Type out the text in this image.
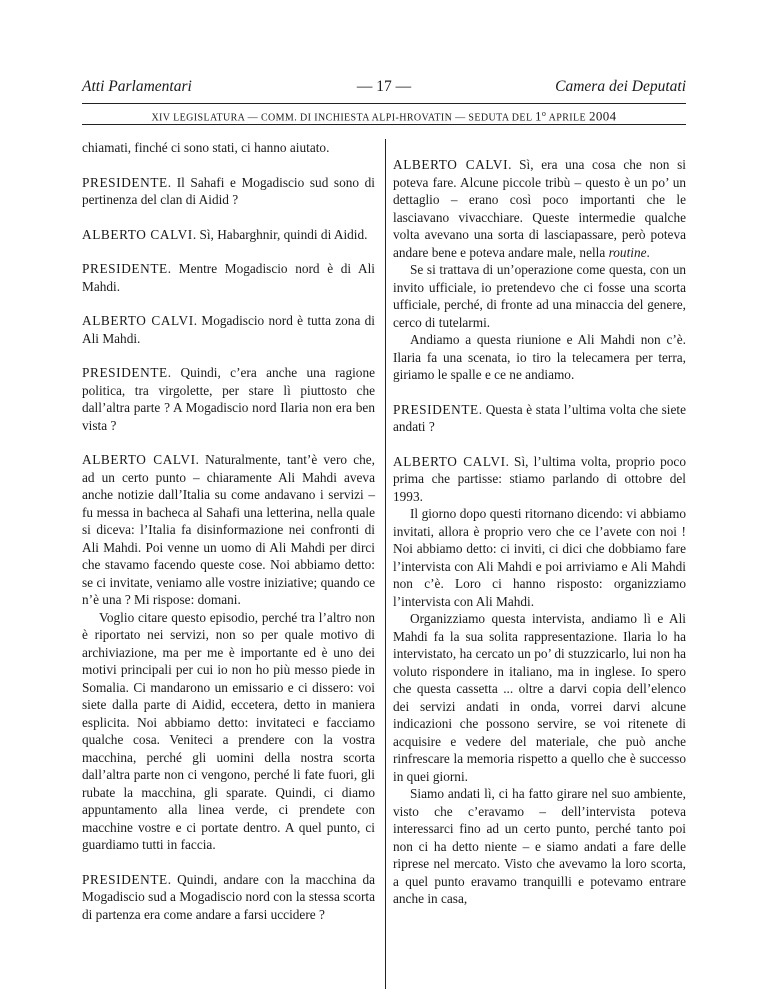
Atti Parlamentari	— 17 —	Camera dei Deputati
XIV LEGISLATURA — COMM. DI INCHIESTA ALPI-HROVATIN — SEDUTA DEL 1$^o$ APRILE 2004

chiamati, finché ci sono stati, ci hanno aiutato.

PRESIDENTE. Il Sahafi e Mogadiscio sud sono di pertinenza del clan di Aidid ?

ALBERTO CALVI. Sì, Habarghnir, quindi di Aidid.

PRESIDENTE. Mentre Mogadiscio nord è di Ali Mahdi.

ALBERTO CALVI. Mogadiscio nord è tutta zona di Ali Mahdi.

PRESIDENTE. Quindi, c’era anche una ragione politica, tra virgolette, per stare lì piuttosto che dall’altra parte ? A Mogadiscio nord Ilaria non era ben vista ?

ALBERTO CALVI. Naturalmente, tant’è vero che, ad un certo punto – chiaramente Ali Mahdi aveva anche notizie dall’Italia su come andavano i servizi – fu messa in bacheca al Sahafi una letterina, nella quale si diceva: l’Italia fa disinformazione nei confronti di Ali Mahdi. Poi venne un uomo di Ali Mahdi per dirci che stavamo facendo queste cose. Noi abbiamo detto: se ci invitate, veniamo alle vostre iniziative; quando ce n’è una ? Mi rispose: domani.

Voglio citare questo episodio, perché tra l’altro non è riportato nei servizi, non so per quale motivo di archiviazione, ma per me è importante ed è uno dei motivi principali per cui io non ho più messo piede in Somalia. Ci mandarono un emissario e ci dissero: voi siete dalla parte di Aidid, eccetera, detto in maniera esplicita. Noi abbiamo detto: invitateci e facciamo qualche cosa. Veniteci a prendere con la vostra macchina, perché gli uomini della nostra scorta dall’altra parte non ci vengono, perché li fate fuori, gli rubate la macchina, gli sparate. Quindi, ci diamo appuntamento alla linea verde, ci prendete con macchine vostre e ci portate dentro. A quel punto, ci guardiamo tutti in faccia.

PRESIDENTE. Quindi, andare con la macchina da Mogadiscio sud a Mogadiscio nord con la stessa scorta di partenza era come andare a farsi uccidere ?

ALBERTO CALVI. Sì, era una cosa che non si poteva fare. Alcune piccole tribù – questo è un po’ un dettaglio – erano così poco importanti che le lasciavano vivacchiare. Queste intermedie qualche volta avevano una sorta di lasciapassare, però poteva andare bene e poteva andare male, nella routine.

Se si trattava di un’operazione come questa, con un invito ufficiale, io pretendevo che ci fosse una scorta ufficiale, perché, di fronte ad una minaccia del genere, cerco di tutelarmi.

Andiamo a questa riunione e Ali Mahdi non c’è. Ilaria fa una scenata, io tiro la telecamera per terra, giriamo le spalle e ce ne andiamo.

PRESIDENTE. Questa è stata l’ultima volta che siete andati ?

ALBERTO CALVI. Sì, l’ultima volta, proprio poco prima che partisse: stiamo parlando di ottobre del 1993.

Il giorno dopo questi ritornano dicendo: vi abbiamo invitati, allora è proprio vero che ce l’avete con noi ! Noi abbiamo detto: ci inviti, ci dici che dobbiamo fare l’intervista con Ali Mahdi e poi arriviamo e Ali Mahdi non c’è. Loro ci hanno risposto: organizziamo l’intervista con Ali Mahdi.

Organizziamo questa intervista, andiamo lì e Ali Mahdi fa la sua solita rappresentazione. Ilaria lo ha intervistato, ha cercato un po’ di stuzzicarlo, lui non ha voluto rispondere in italiano, ma in inglese. Io spero che questa cassetta ... oltre a darvi copia dell’elenco dei servizi andati in onda, vorrei darvi alcune indicazioni che possono servire, se voi ritenete di acquisire e vedere del materiale, che può anche rinfrescare la memoria rispetto a quello che è successo in quei giorni.

Siamo andati lì, ci ha fatto girare nel suo ambiente, visto che c’eravamo – dell’intervista poteva interessarci fino ad un certo punto, perché tanto poi non ci ha detto niente – e siamo andati a fare delle riprese nel mercato. Visto che avevamo la loro scorta, a quel punto eravamo tranquilli e potevamo entrare anche in casa,
